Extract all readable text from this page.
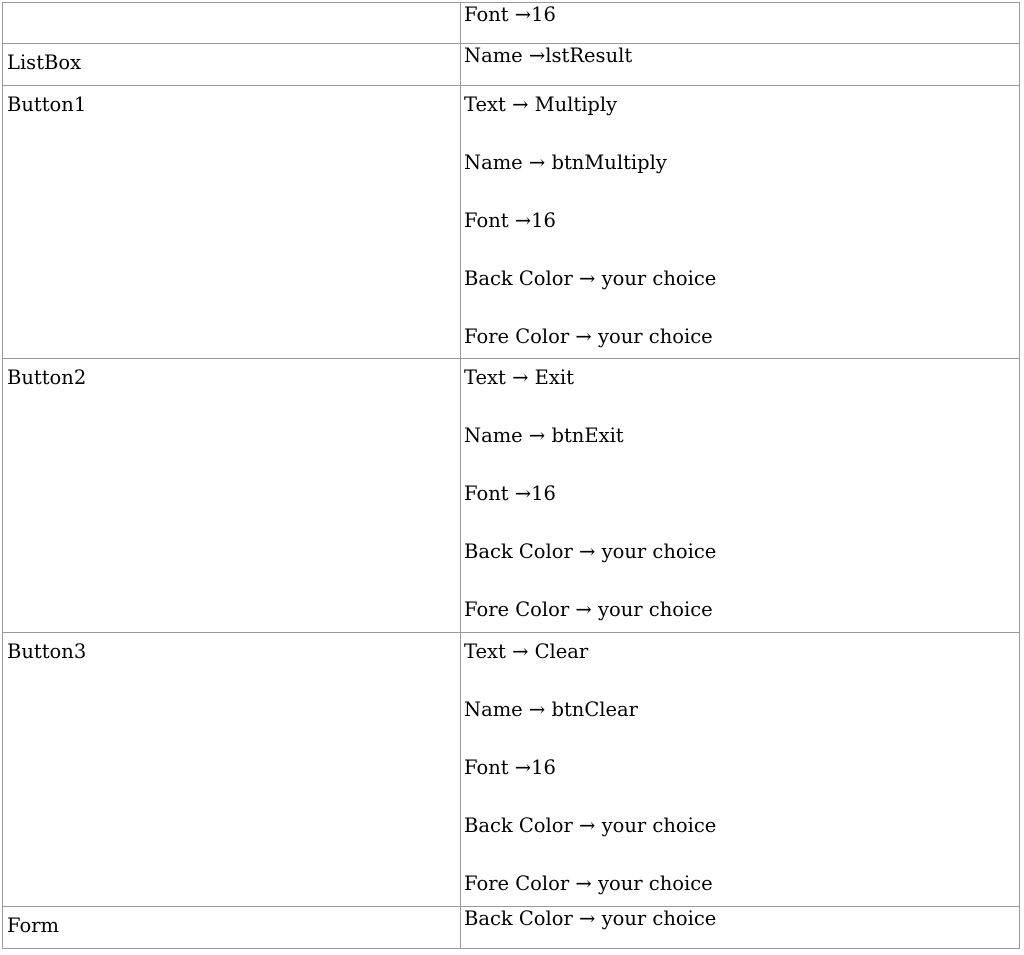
	Font →16

ListBox	Name →lstResult

Button1	Text → Multiply
Name → btnMultiply
Font →16
Back Color → your choice
Fore Color → your choice

Button2	Text → Exit
Name → btnExit
Font →16
Back Color → your choice
Fore Color → your choice

Button3	Text → Clear
Name → btnClear
Font →16
Back Color → your choice
Fore Color → your choice

Form	Back Color → your choice
